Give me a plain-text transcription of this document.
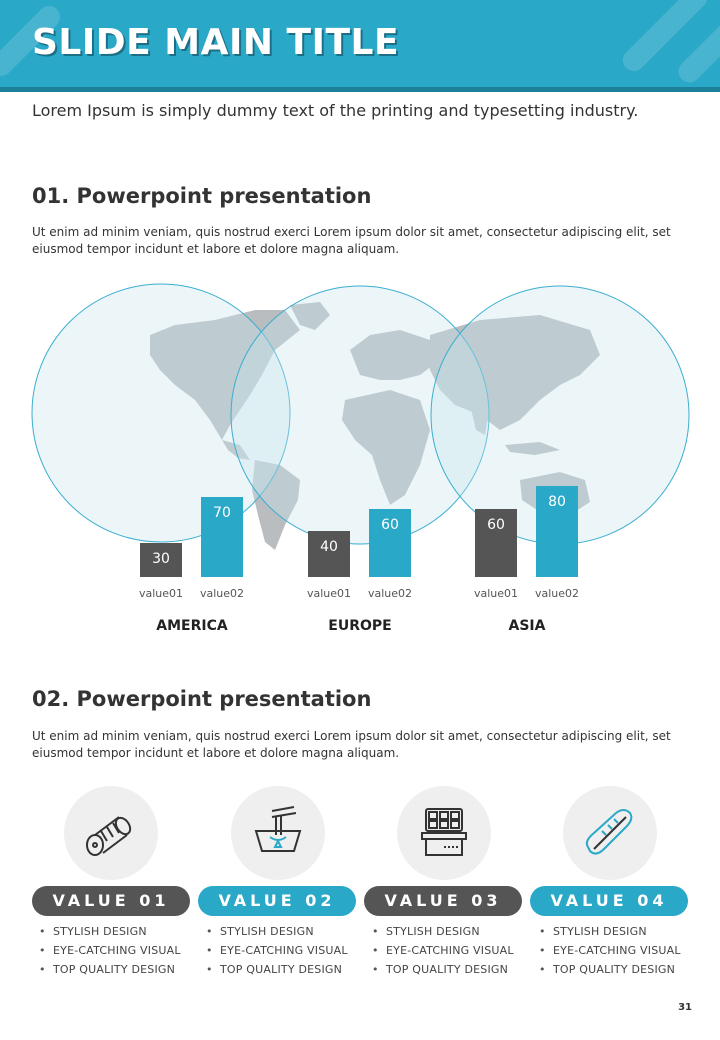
SLIDE MAIN TITLE
Lorem Ipsum is simply dummy text of the printing and typesetting industry.
01. Powerpoint presentation
Ut enim ad minim veniam, quis nostrud exerci Lorem ipsum dolor sit amet, consectetur adipiscing elit, set eiusmod tempor incidunt et labore et dolore magna aliquam.
30
70
40
60	60
80
value01	value02	value01	value02	value01	value02
AMERICA	EUROPE	ASIA
02. Powerpoint presentation
Ut enim ad minim veniam, quis nostrud exerci Lorem ipsum dolor sit amet, consectetur adipiscing elit, set eiusmod tempor incidunt et labore et dolore magna aliquam.
VALUE 01	VALUE 02	VALUE 03	VALUE 04
• STYLISH DESIGN
• EYE-CATCHING VISUAL
• TOP QUALITY DESIGN
• STYLISH DESIGN
• EYE-CATCHING VISUAL
• TOP QUALITY DESIGN
• STYLISH DESIGN
• EYE-CATCHING VISUAL
• TOP QUALITY DESIGN
• STYLISH DESIGN
• EYE-CATCHING VISUAL
• TOP QUALITY DESIGN
31
